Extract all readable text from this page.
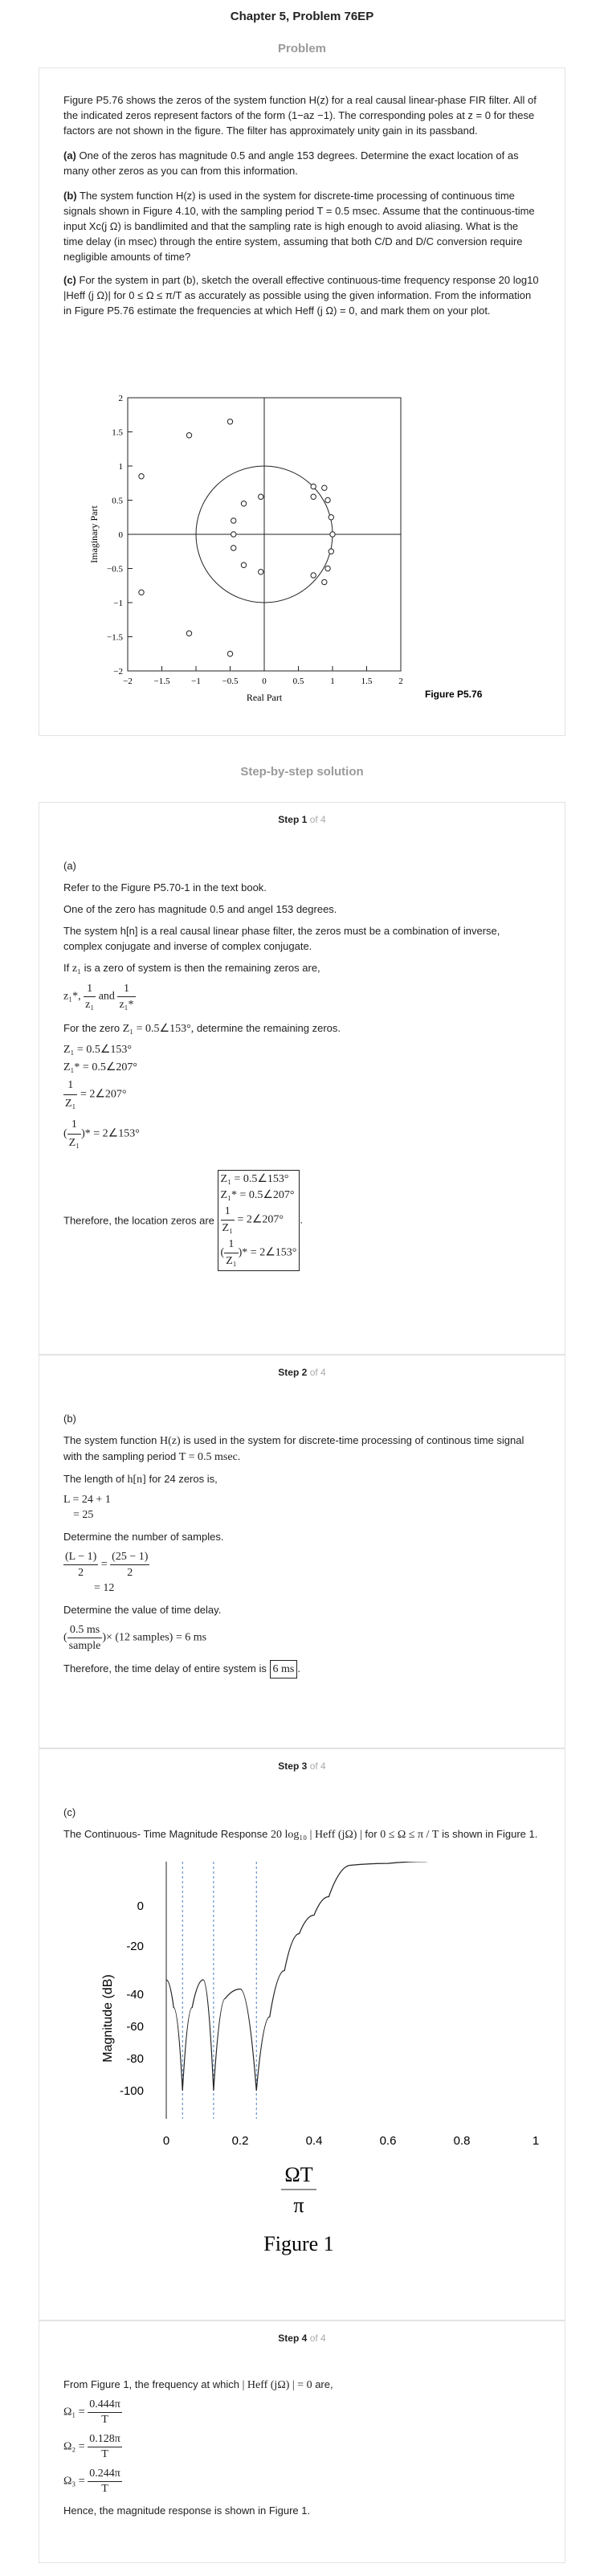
Chapter 5, Problem 76EP
Problem

Figure P5.76 shows the zeros of the system function H(z) for a real causal linear-phase FIR filter. All of the indicated zeros represent factors of the form (1−az −1). The corresponding poles at z = 0 for these factors are not shown in the figure. The filter has approximately unity gain in its passband.

(a) One of the zeros has magnitude 0.5 and angle 153 degrees. Determine the exact location of as many other zeros as you can from this information.

(b) The system function H(z) is used in the system for discrete-time processing of continuous time signals shown in Figure 4.10, with the sampling period T = 0.5 msec. Assume that the continuous-time input Xc(j Ω) is bandlimited and that the sampling rate is high enough to avoid aliasing. What is the time delay (in msec) through the entire system, assuming that both C/D and D/C conversion require negligible amounts of time?

(c) For the system in part (b), sketch the overall effective continuous-time frequency response 20 log10 |Heff (j Ω)| for 0 ≤ Ω ≤ π/T as accurately as possible using the given information. From the information in Figure P5.76 estimate the frequencies at which Heff (j Ω) = 0, and mark them on your plot.

−2
−2
−1.5
−1.5
−1
−1
−0.5
−0.5
0
0
0.5
0.5
1
1
1.5
1.5
2
2
Real Part
Imaginary Part
Figure P5.76
Step-by-step solution
Step 1 of 4
(a)
Refer to the Figure P5.70-1 in the text book.
One of the zero has magnitude 0.5 and angel 153 degrees.
The system h[n] is a real causal linear phase filter, the zeros must be a combination of inverse, complex conjugate and inverse of complex conjugate.
If z₁ is a zero of system is then the remaining zeros are,
z₁*, $\frac{1}{\text{z₁}}$ and $\frac{1}{\text{z₁*}}$
For the zero Z₁ = 0.5∠153°, determine the remaining zeros.
Z₁ = 0.5∠153°
Z₁* = 0.5∠207°
$\frac{1}{\text{Z₁}}$ = 2∠207°
( $\frac{1}{\text{Z₁}}$ )* = 2∠153°
Therefore, the location zeros are
Z₁ = 0.5∠153°
Z₁* = 0.5∠207°
$\frac{1}{\text{Z₁}}$ = 2∠207°
( $\frac{1}{\text{Z₁}}$ )* = 2∠153°
.
Step 2 of 4
(b)
The system function H(z) is used in the system for discrete-time processing of continous time signal with the sampling period T = 0.5 msec.
The length of h[n] for 24 zeros is,
L = 24 + 1
= 25
Determine the number of samples.
$\frac{(L - 1)}{2} = \frac{(25 - 1)}{2}$
= 12
Determine the value of time delay.
( $\frac{0.5 ms}{\text{sample}}$ )× (12 samples) = 6 ms
Therefore, the time delay of entire system is 6 ms .
Step 3 of 4
(c)
The Continuous- Time Magnitude Response 20 log₁₀ | Heff (jΩ) | for 0 ≤ Ω ≤ π / T is shown in Figure 1.
0
-20
-40
-60
-80
-100
0	0.2	0.4	0.6	0.8	1
Magnitude (dB)
ΩT
π
Figure 1
Step 4 of 4
From Figure 1, the frequency at which | Heff (jΩ) | = 0 are,
$\Omega_1 = \frac{0.444\pi}{T}$
$\Omega_2 = \frac{0.128\pi}{T}$
$\Omega_3 = \frac{0.244\pi}{T}$
Hence, the magnitude response is shown in Figure 1.
